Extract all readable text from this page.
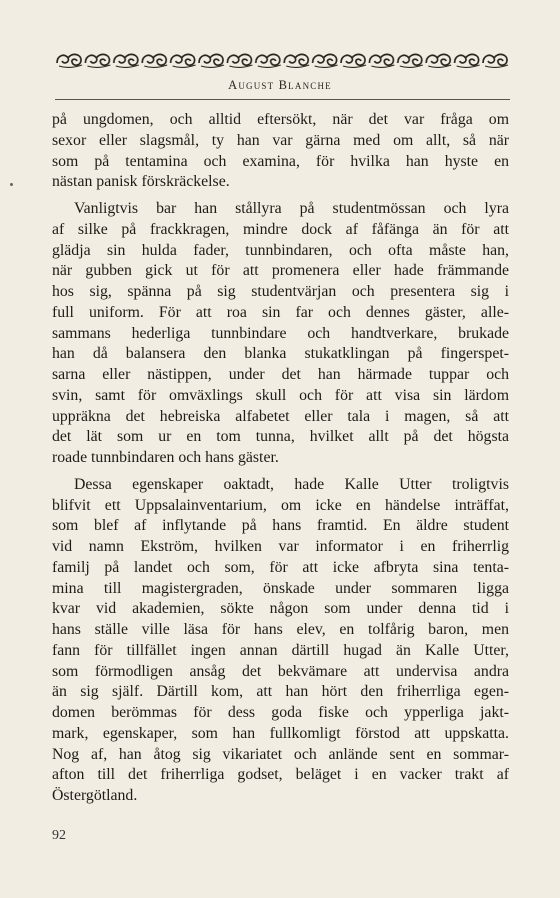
August Blanche
på ungdomen, och alltid eftersökt, när det var fråga om
sexor eller slagsmål, ty han var gärna med om allt, så när
som på tentamina och examina, för hvilka han hyste en
nästan panisk förskräckelse.
Vanligtvis bar han stållyra på studentmössan och lyra
af silke på frackkragen, mindre dock af fåfänga än för att
glädja sin hulda fader, tunnbindaren, och ofta måste han,
när gubben gick ut för att promenera eller hade främmande
hos sig, spänna på sig studentvärjan och presentera sig i
full uniform. För att roa sin far och dennes gäster, alle-
sammans hederliga tunnbindare och handtverkare, brukade
han då balansera den blanka stukatklingan på fingerspet-
sarna eller nästippen, under det han härmade tuppar och
svin, samt för omväxlings skull och för att visa sin lärdom
uppräkna det hebreiska alfabetet eller tala i magen, så att
det lät som ur en tom tunna, hvilket allt på det högsta
roade tunnbindaren och hans gäster.
Dessa egenskaper oaktadt, hade Kalle Utter troligtvis
blifvit ett Uppsalainventarium, om icke en händelse inträffat,
som blef af inflytande på hans framtid. En äldre student
vid namn Ekström, hvilken var informator i en friherrlig
familj på landet och som, för att icke afbryta sina tenta-
mina till magistergraden, önskade under sommaren ligga
kvar vid akademien, sökte någon som under denna tid i
hans ställe ville läsa för hans elev, en tolfårig baron, men
fann för tillfället ingen annan därtill hugad än Kalle Utter,
som förmodligen ansåg det bekvämare att undervisa andra
än sig själf. Därtill kom, att han hört den friherrliga egen-
domen berömmas för dess goda fiske och ypperliga jakt-
mark, egenskaper, som han fullkomligt förstod att uppskatta.
Nog af, han åtog sig vikariatet och anlände sent en sommar-
afton till det friherrliga godset, beläget i en vacker trakt af
Östergötland.
92
